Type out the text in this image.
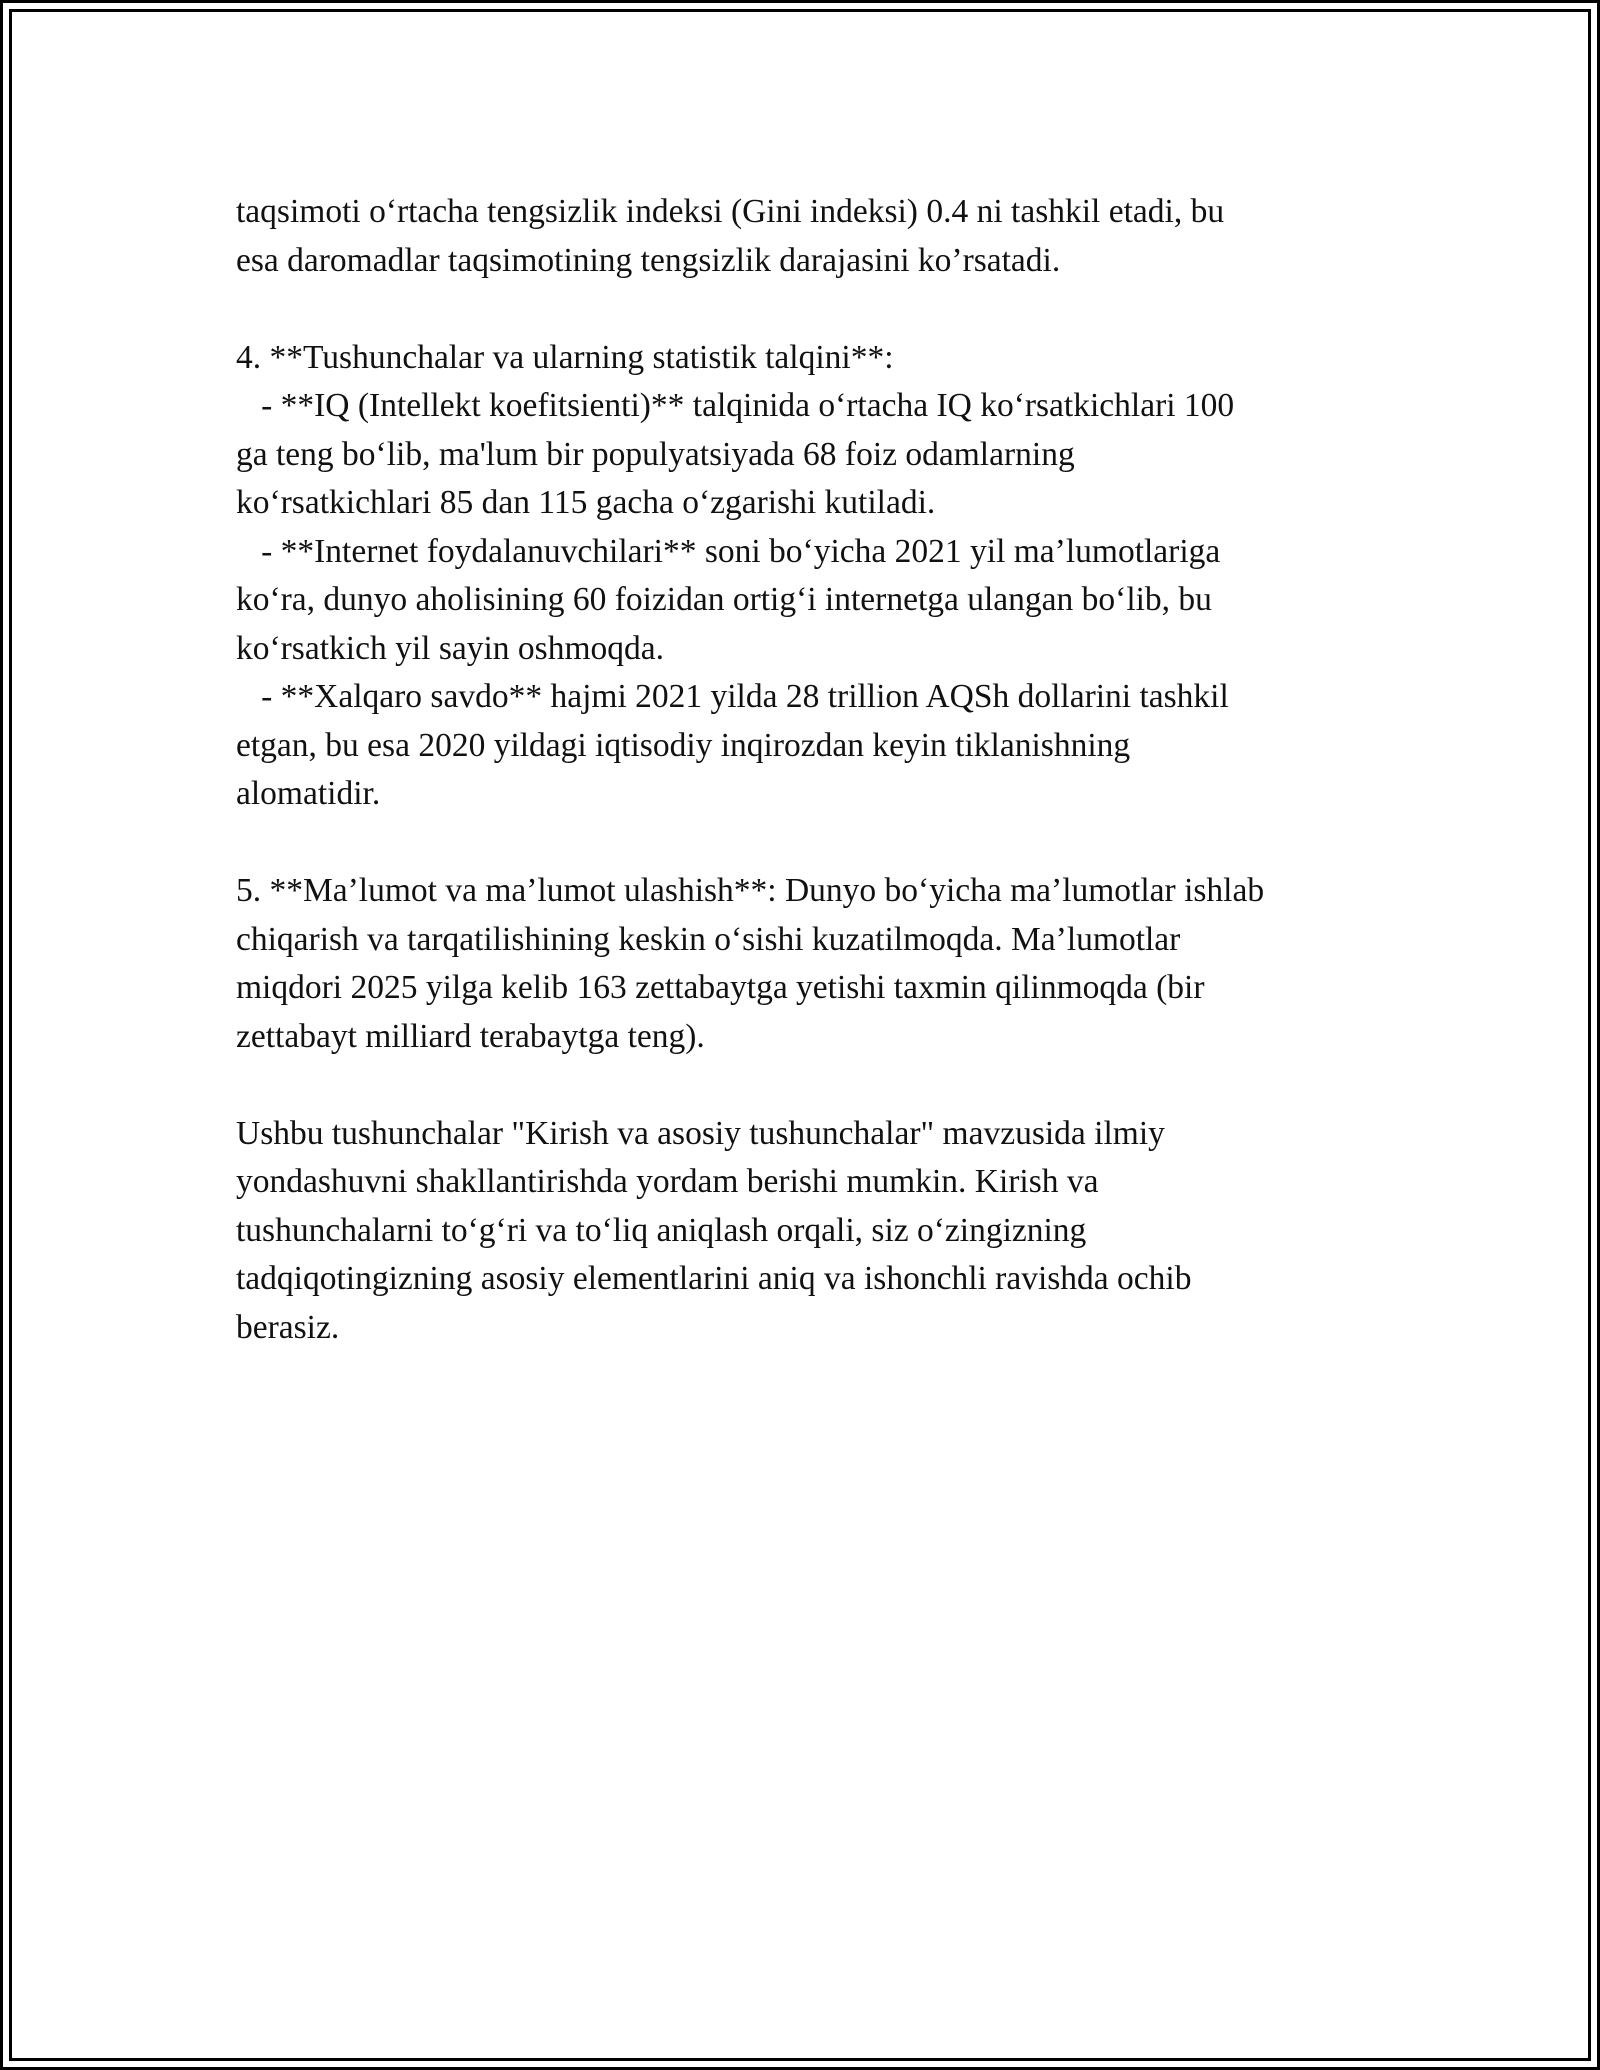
taqsimoti o‘rtacha tengsizlik indeksi (Gini indeksi) 0.4 ni tashkil etadi, bu

esa daromadlar taqsimotining tengsizlik darajasini ko’rsatadi.

4. **Tushunchalar va ularning statistik talqini**:

- **IQ (Intellekt koefitsienti)** talqinida o‘rtacha IQ ko‘rsatkichlari 100

ga teng bo‘lib, ma'lum bir populyatsiyada 68 foiz odamlarning

ko‘rsatkichlari 85 dan 115 gacha o‘zgarishi kutiladi.

- **Internet foydalanuvchilari** soni bo‘yicha 2021 yil ma’lumotlariga

ko‘ra, dunyo aholisining 60 foizidan ortig‘i internetga ulangan bo‘lib, bu

ko‘rsatkich yil sayin oshmoqda.

- **Xalqaro savdo** hajmi 2021 yilda 28 trillion AQSh dollarini tashkil

etgan, bu esa 2020 yildagi iqtisodiy inqirozdan keyin tiklanishning

alomatidir.

5. **Ma’lumot va ma’lumot ulashish**: Dunyo bo‘yicha ma’lumotlar ishlab

chiqarish va tarqatilishining keskin o‘sishi kuzatilmoqda. Ma’lumotlar

miqdori 2025 yilga kelib 163 zettabaytga yetishi taxmin qilinmoqda (bir

zettabayt milliard terabaytga teng).

Ushbu tushunchalar "Kirish va asosiy tushunchalar" mavzusida ilmiy

yondashuvni shakllantirishda yordam berishi mumkin. Kirish va

tushunchalarni to‘g‘ri va to‘liq aniqlash orqali, siz o‘zingizning

tadqiqotingizning asosiy elementlarini aniq va ishonchli ravishda ochib

berasiz.
